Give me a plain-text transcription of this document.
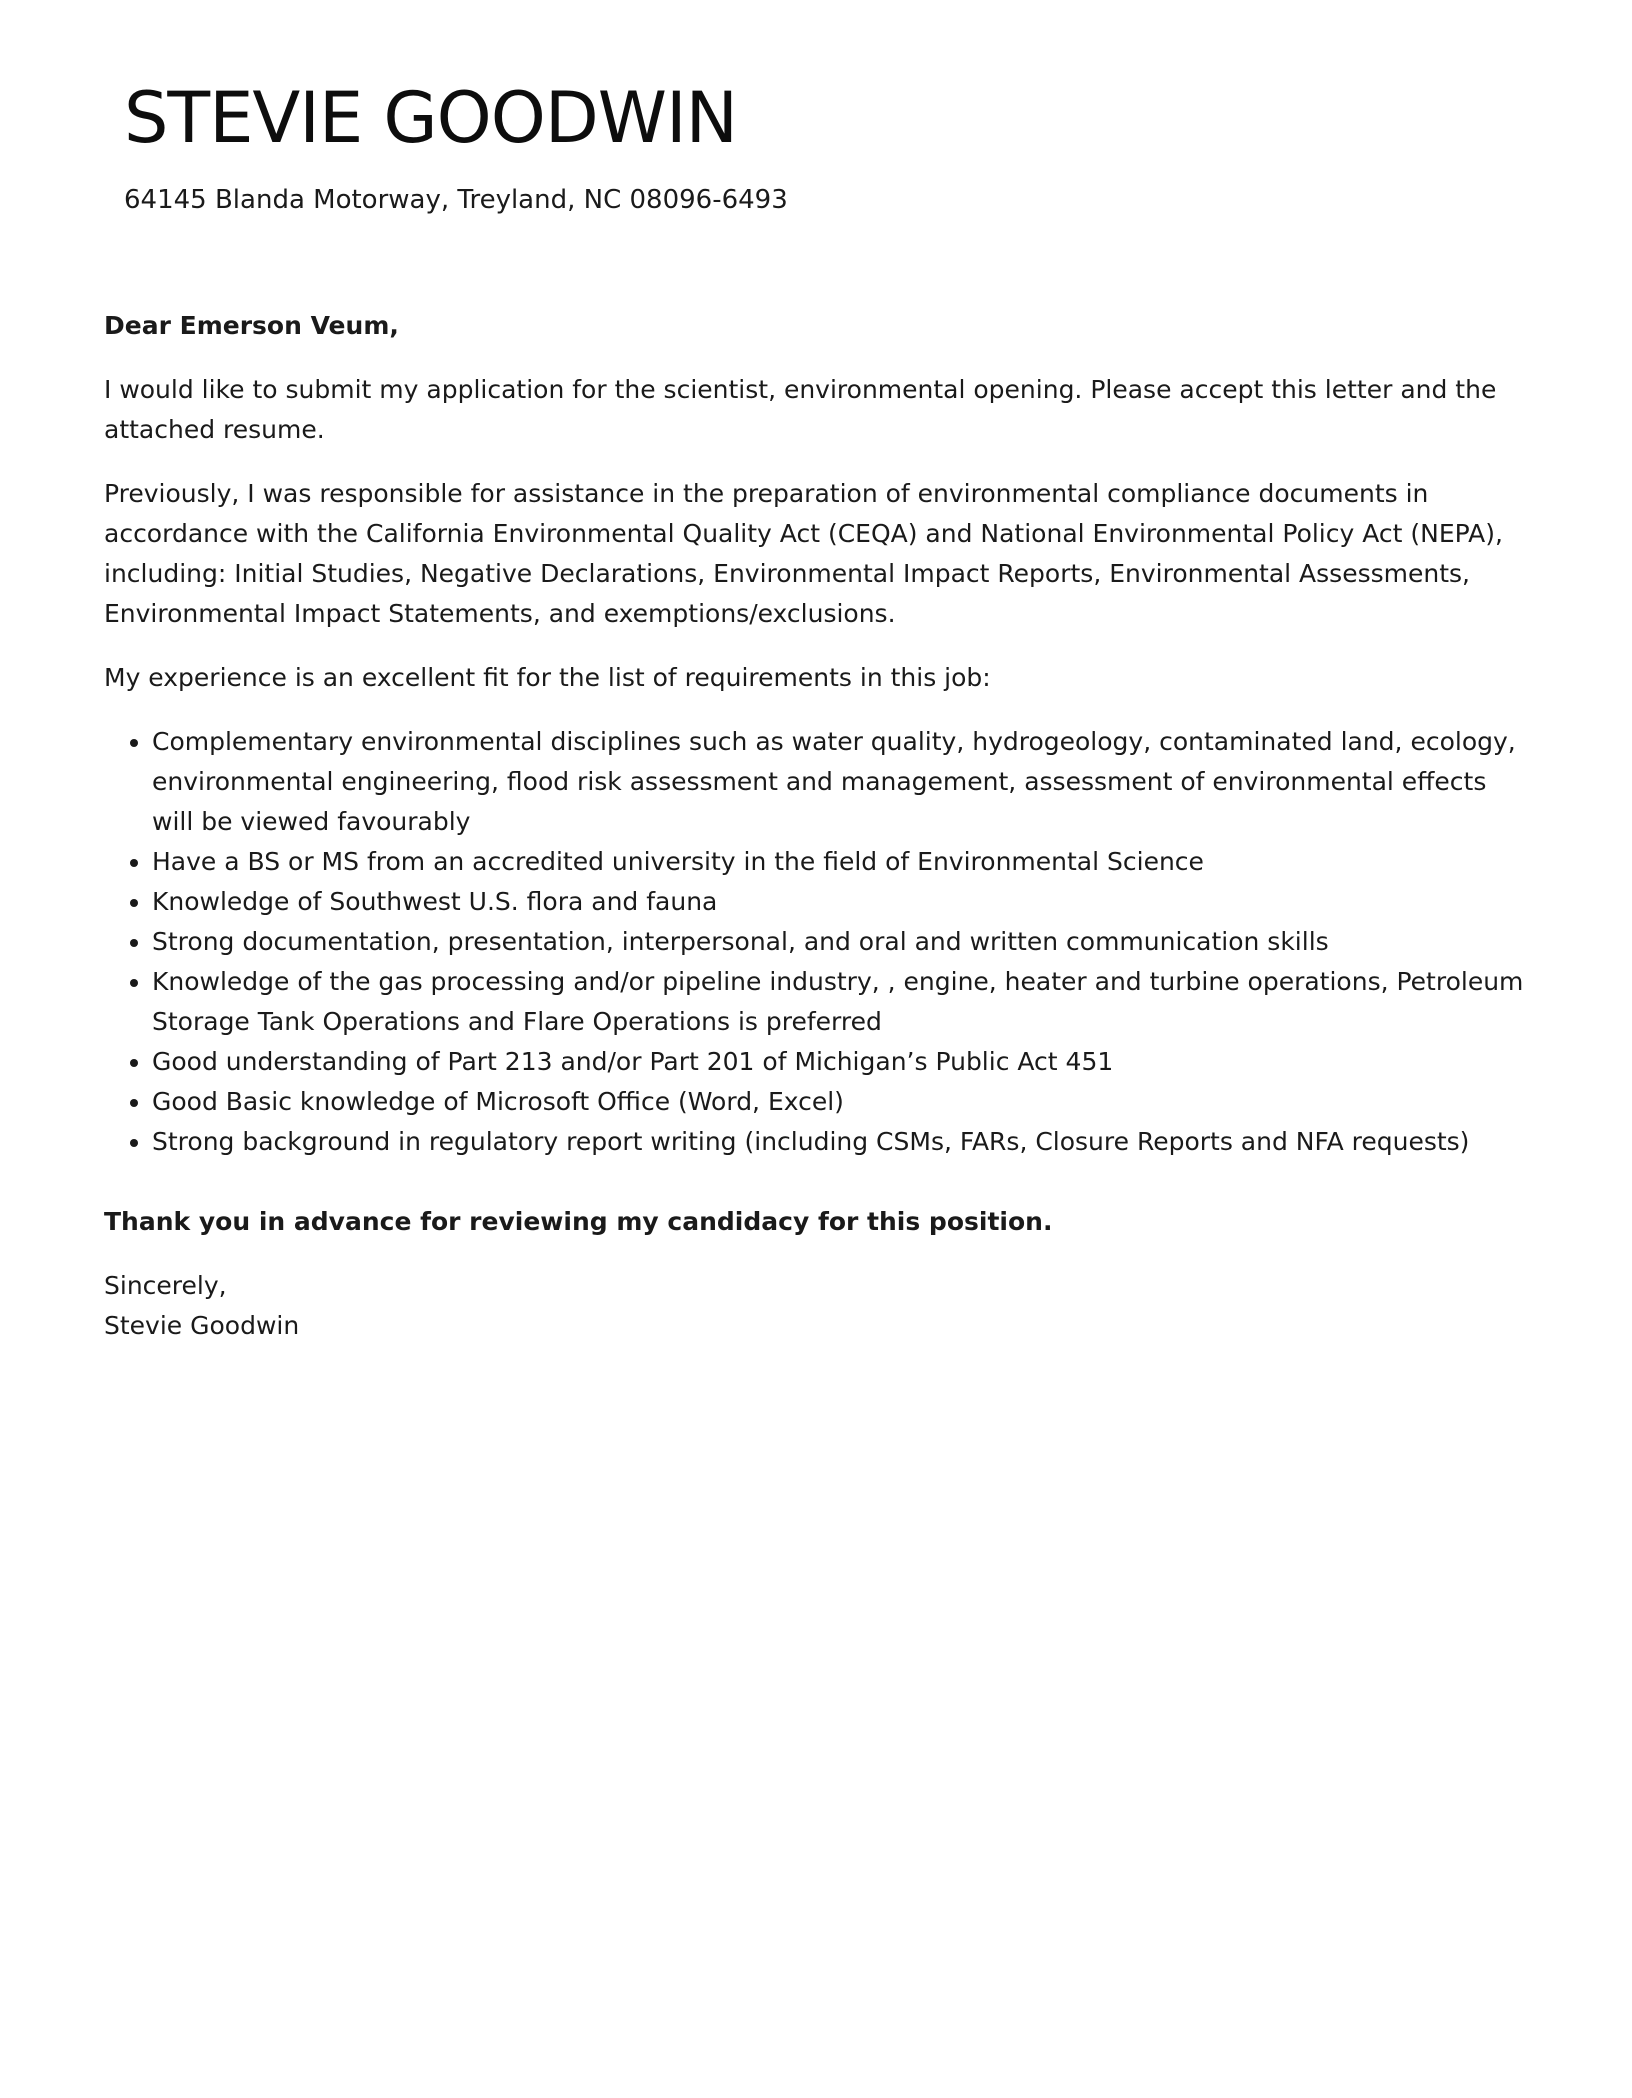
STEVIE GOODWIN
64145 Blanda Motorway, Treyland, NC 08096-6493

Dear Emerson Veum,

I would like to submit my application for the scientist, environmental opening. Please accept this letter and the attached resume.

Previously, I was responsible for assistance in the preparation of environmental compliance documents in accordance with the California Environmental Quality Act (CEQA) and National Environmental Policy Act (NEPA), including: Initial Studies, Negative Declarations, Environmental Impact Reports, Environmental Assessments, Environmental Impact Statements, and exemptions/exclusions.

My experience is an excellent fit for the list of requirements in this job:

• Complementary environmental disciplines such as water quality, hydrogeology, contaminated land, ecology, environmental engineering, flood risk assessment and management, assessment of environmental effects will be viewed favourably
• Have a BS or MS from an accredited university in the field of Environmental Science
• Knowledge of Southwest U.S. flora and fauna
• Strong documentation, presentation, interpersonal, and oral and written communication skills
• Knowledge of the gas processing and/or pipeline industry, , engine, heater and turbine operations, Petroleum Storage Tank Operations and Flare Operations is preferred
• Good understanding of Part 213 and/or Part 201 of Michigan’s Public Act 451
• Good Basic knowledge of Microsoft Office (Word, Excel)
• Strong background in regulatory report writing (including CSMs, FARs, Closure Reports and NFA requests)

Thank you in advance for reviewing my candidacy for this position.

Sincerely,
Stevie Goodwin
